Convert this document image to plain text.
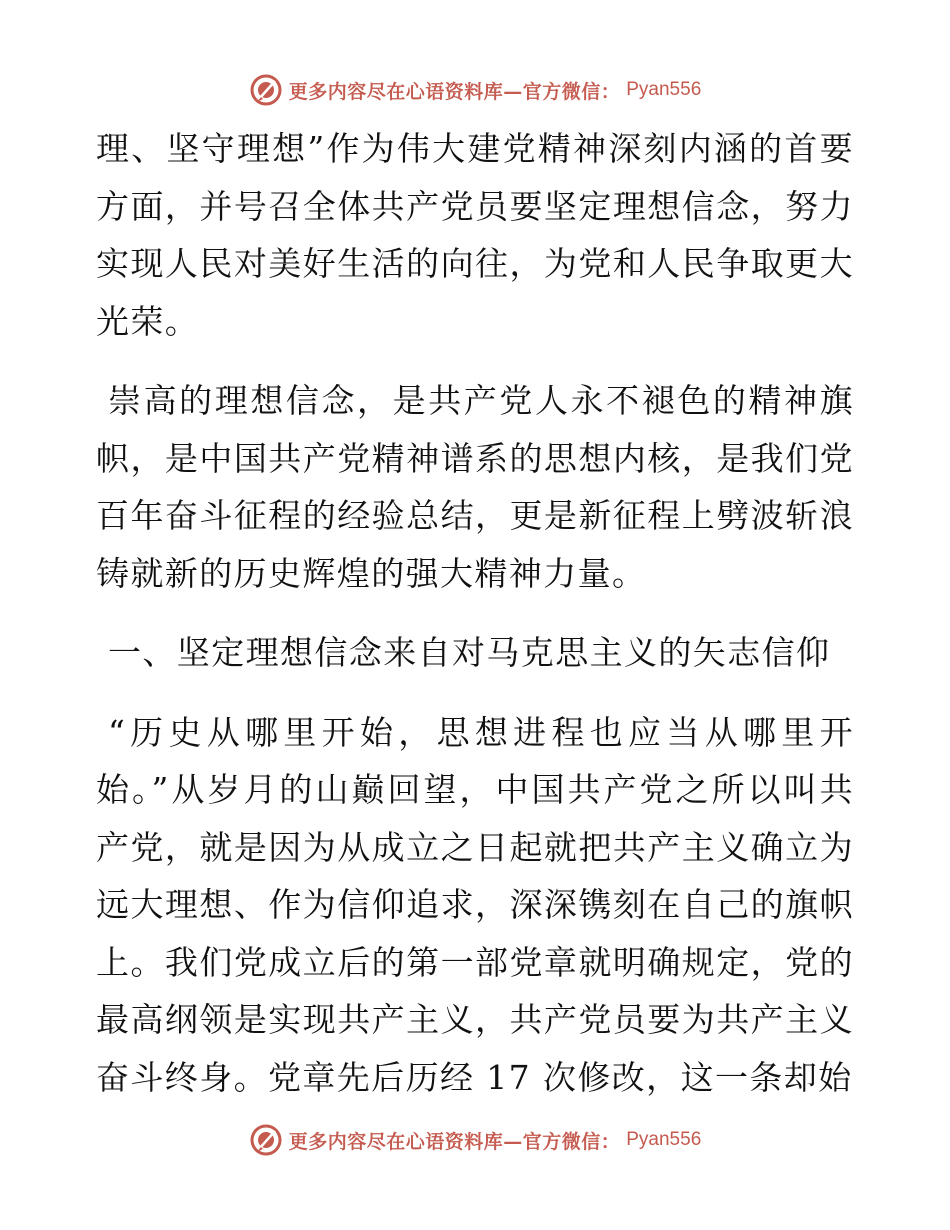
更多内容尽在心语资料库—官方微信： Pyan556

理、坚守理想”作为伟大建党精神深刻内涵的首要方面，并号召全体共产党员要坚定理想信念，努力实现人民对美好生活的向往，为党和人民争取更大光荣。

崇高的理想信念，是共产党人永不褪色的精神旗帜，是中国共产党精神谱系的思想内核，是我们党百年奋斗征程的经验总结，更是新征程上劈波斩浪铸就新的历史辉煌的强大精神力量。

一、坚定理想信念来自对马克思主义的矢志信仰

“历史从哪里开始，思想进程也应当从哪里开始。”从岁月的山巅回望，中国共产党之所以叫共产党，就是因为从成立之日起就把共产主义确立为远大理想、作为信仰追求，深深镌刻在自己的旗帜上。我们党成立后的第一部党章就明确规定，党的最高纲领是实现共产主义，共产党员要为共产主义奋斗终身。党章先后历经 17 次修改，这一条却始

更多内容尽在心语资料库—官方微信： Pyan556
